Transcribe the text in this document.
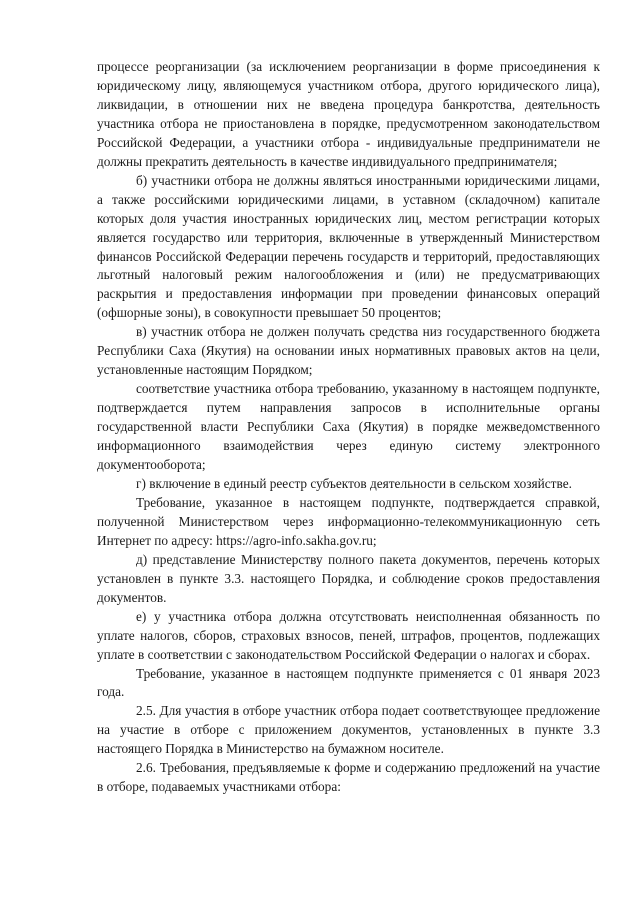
процессе реорганизации (за исключением реорганизации в форме присоединения к юридическому лицу, являющемуся участником отбора, другого юридического лица), ликвидации, в отношении них не введена процедура банкротства, деятельность участника отбора не приостановлена в порядке, предусмотренном законодательством Российской Федерации, а участники отбора - индивидуальные предприниматели не должны прекратить деятельность в качестве индивидуального предпринимателя;

б) участники отбора не должны являться иностранными юридическими лицами, а также российскими юридическими лицами, в уставном (складочном) капитале которых доля участия иностранных юридических лиц, местом регистрации которых является государство или территория, включенные в утвержденный Министерством финансов Российской Федерации перечень государств и территорий, предоставляющих льготный налоговый режим налогообложения и (или) не предусматривающих раскрытия и предоставления информации при проведении финансовых операций (офшорные зоны), в совокупности превышает 50 процентов;

в) участник отбора не должен получать средства низ государственного бюджета Республики Саха (Якутия) на основании иных нормативных правовых актов на цели, установленные настоящим Порядком;

соответствие участника отбора требованию, указанному в настоящем подпункте, подтверждается путем направления запросов в исполнительные органы государственной власти Республики Саха (Якутия) в порядке межведомственного информационного взаимодействия через единую систему электронного документооборота;

г) включение в единый реестр субъектов деятельности в сельском хозяйстве.

Требование, указанное в настоящем подпункте, подтверждается справкой, полученной Министерством через информационно-телекоммуникационную сеть Интернет по адресу: https://agro-info.sakha.gov.ru;

д) представление Министерству полного пакета документов, перечень которых установлен в пункте 3.3. настоящего Порядка, и соблюдение сроков предоставления документов.

е) у участника отбора должна отсутствовать неисполненная обязанность по уплате налогов, сборов, страховых взносов, пеней, штрафов, процентов, подлежащих уплате в соответствии с законодательством Российской Федерации о налогах и сборах.

Требование, указанное в настоящем подпункте применяется с 01 января 2023 года.

2.5. Для участия в отборе участник отбора подает соответствующее предложение на участие в отборе с приложением документов, установленных в пункте 3.3 настоящего Порядка в Министерство на бумажном носителе.

2.6. Требования, предъявляемые к форме и содержанию предложений на участие в отборе, подаваемых участниками отбора:
